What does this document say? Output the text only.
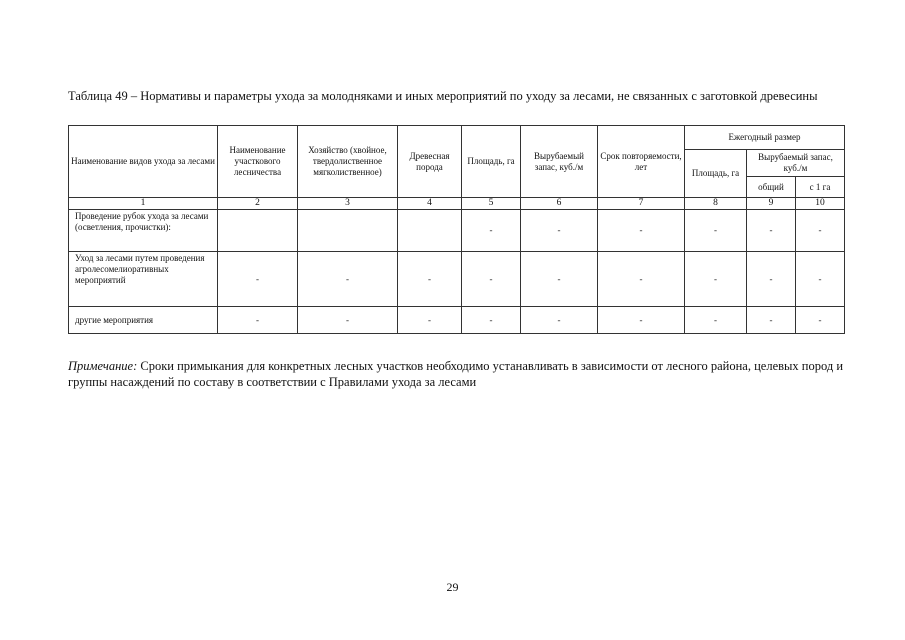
Таблица 49 – Нормативы и параметры ухода за молодняками и иных мероприятий по уходу за лесами, не связанных с заготовкой древесины
Наименование видов ухода за лесами	Наименование участкового лесничества	Хозяйство (хвойное, твердолиственное мягколиственное)	Древесная порода	Площадь, га	Вырубаемый запас, куб./м	Срок повторяемости, лет	Ежегодный размер		
							Площадь, га	Вырубаемый запас, куб./м	
								общий	с 1 га
1	2	3	4	5	6	7	8	9	10
Проведение рубок ухода за лесами (осветления, прочистки):				-	-	-	-	-	-
Уход за лесами путем проведения агролесомелиоративных мероприятий	-	-	-	-	-	-	-	-	-
другие мероприятия	-	-	-	-	-	-	-	-	-
Примечание: Сроки примыкания для конкретных лесных участков необходимо устанавливать в зависимости от лесного района, целевых пород и группы насаждений по составу в соответствии с Правилами ухода за лесами
29
